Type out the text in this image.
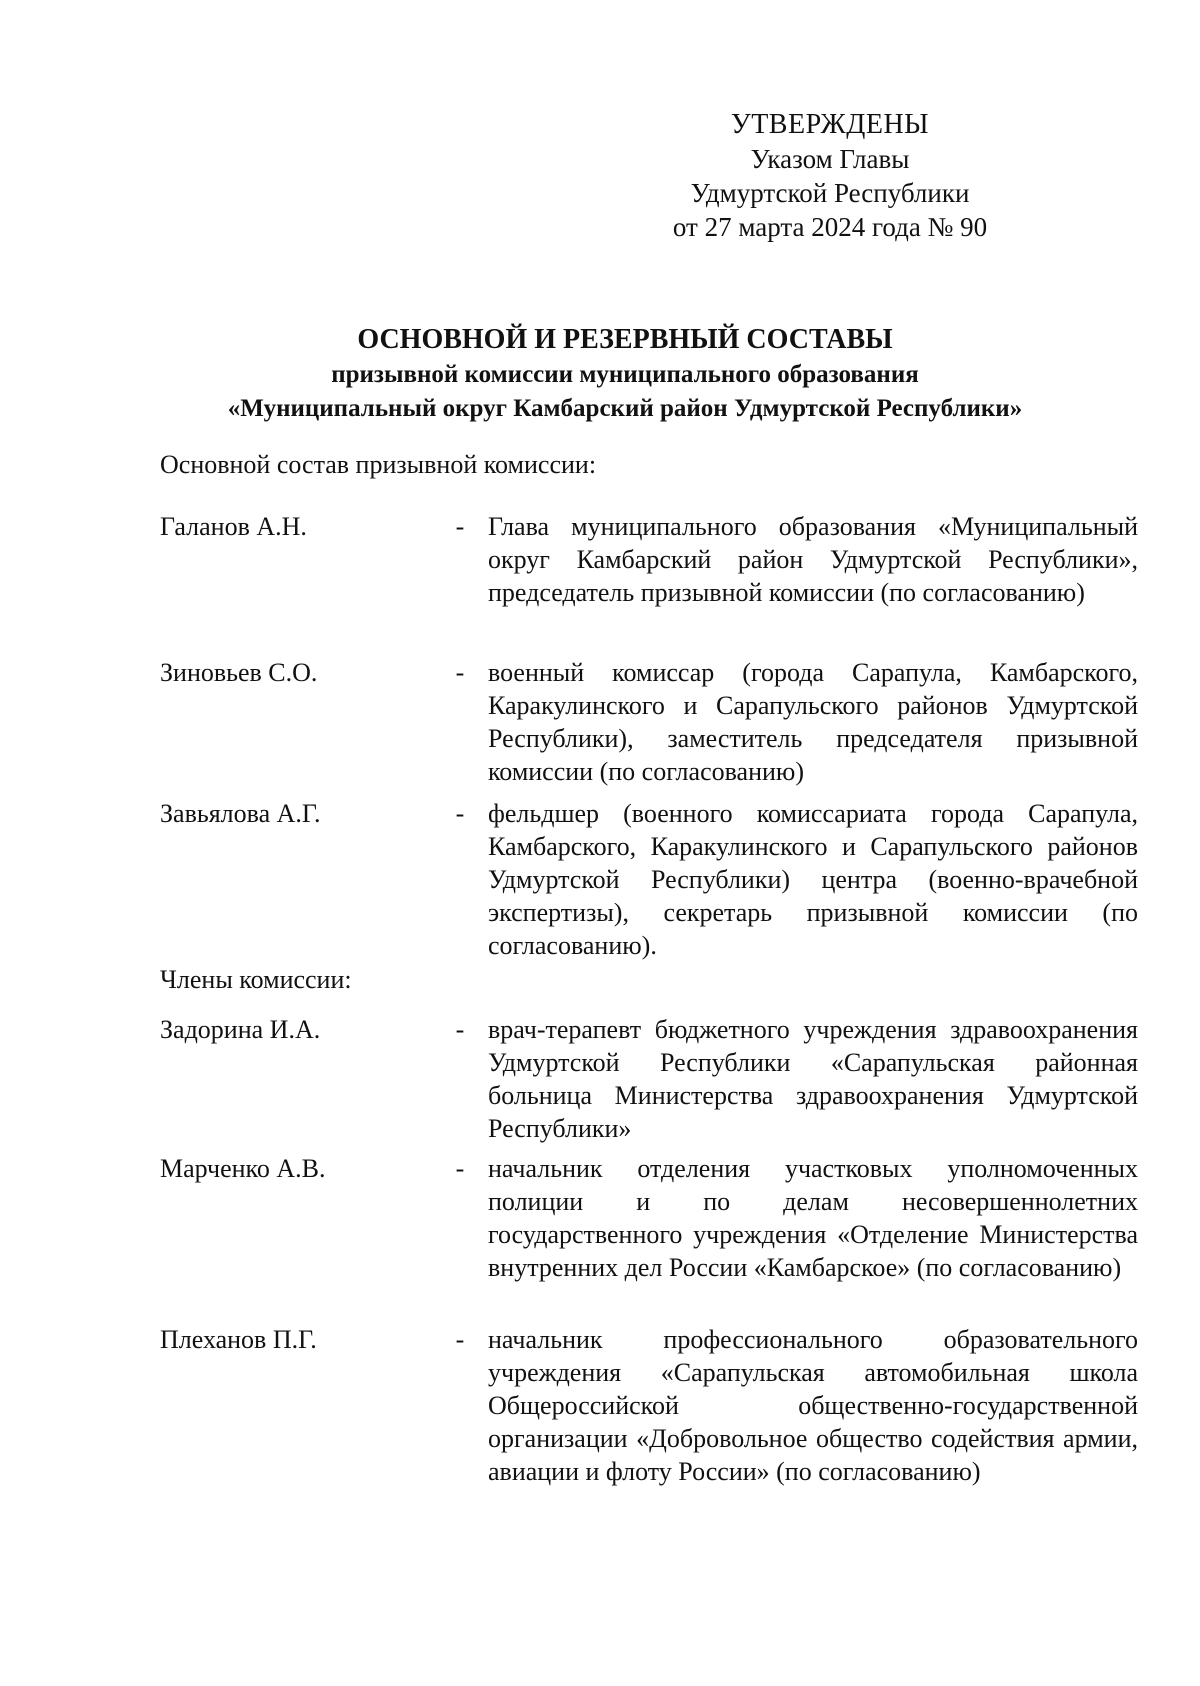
УТВЕРЖДЕНЫ
Указом Главы
Удмуртской Республики
от 27 марта 2024 года № 90
ОСНОВНОЙ И РЕЗЕРВНЫЙ СОСТАВЫ
призывной комиссии муниципального образования
«Муниципальный округ Камбарский район Удмуртской Республики»
Основной состав призывной комиссии:
Галанов А.Н.	- Глава муниципального образования «Муниципальный округ Камбарский район Удмуртской Республики», председатель призывной комиссии (по согласованию)
Зиновьев С.О.	- военный комиссар (города Сарапула, Камбарского, Каракулинского и Сарапульского районов Удмуртской Республики), заместитель председателя призывной комиссии (по согласованию)
Завьялова А.Г.	- фельдшер (военного комиссариата города Сарапула, Камбарского, Каракулинского и Сарапульского районов Удмуртской Республики) центра (военно-врачебной экспертизы), секретарь призывной комиссии (по согласованию).
Члены комиссии:
Задорина И.А.	- врач-терапевт бюджетного учреждения здравоохранения Удмуртской Республики «Сарапульская районная больница Министерства здравоохранения Удмуртской Республики»
Марченко А.В.	- начальник отделения участковых уполномоченных полиции и по делам несовершеннолетних государственного учреждения «Отделение Министерства внутренних дел России «Камбарское» (по согласованию)
Плеханов П.Г.	- начальник профессионального образовательного учреждения «Сарапульская автомобильная школа Общероссийской общественно-государственной организации «Добровольное общество содействия армии, авиации и флоту России» (по согласованию)
